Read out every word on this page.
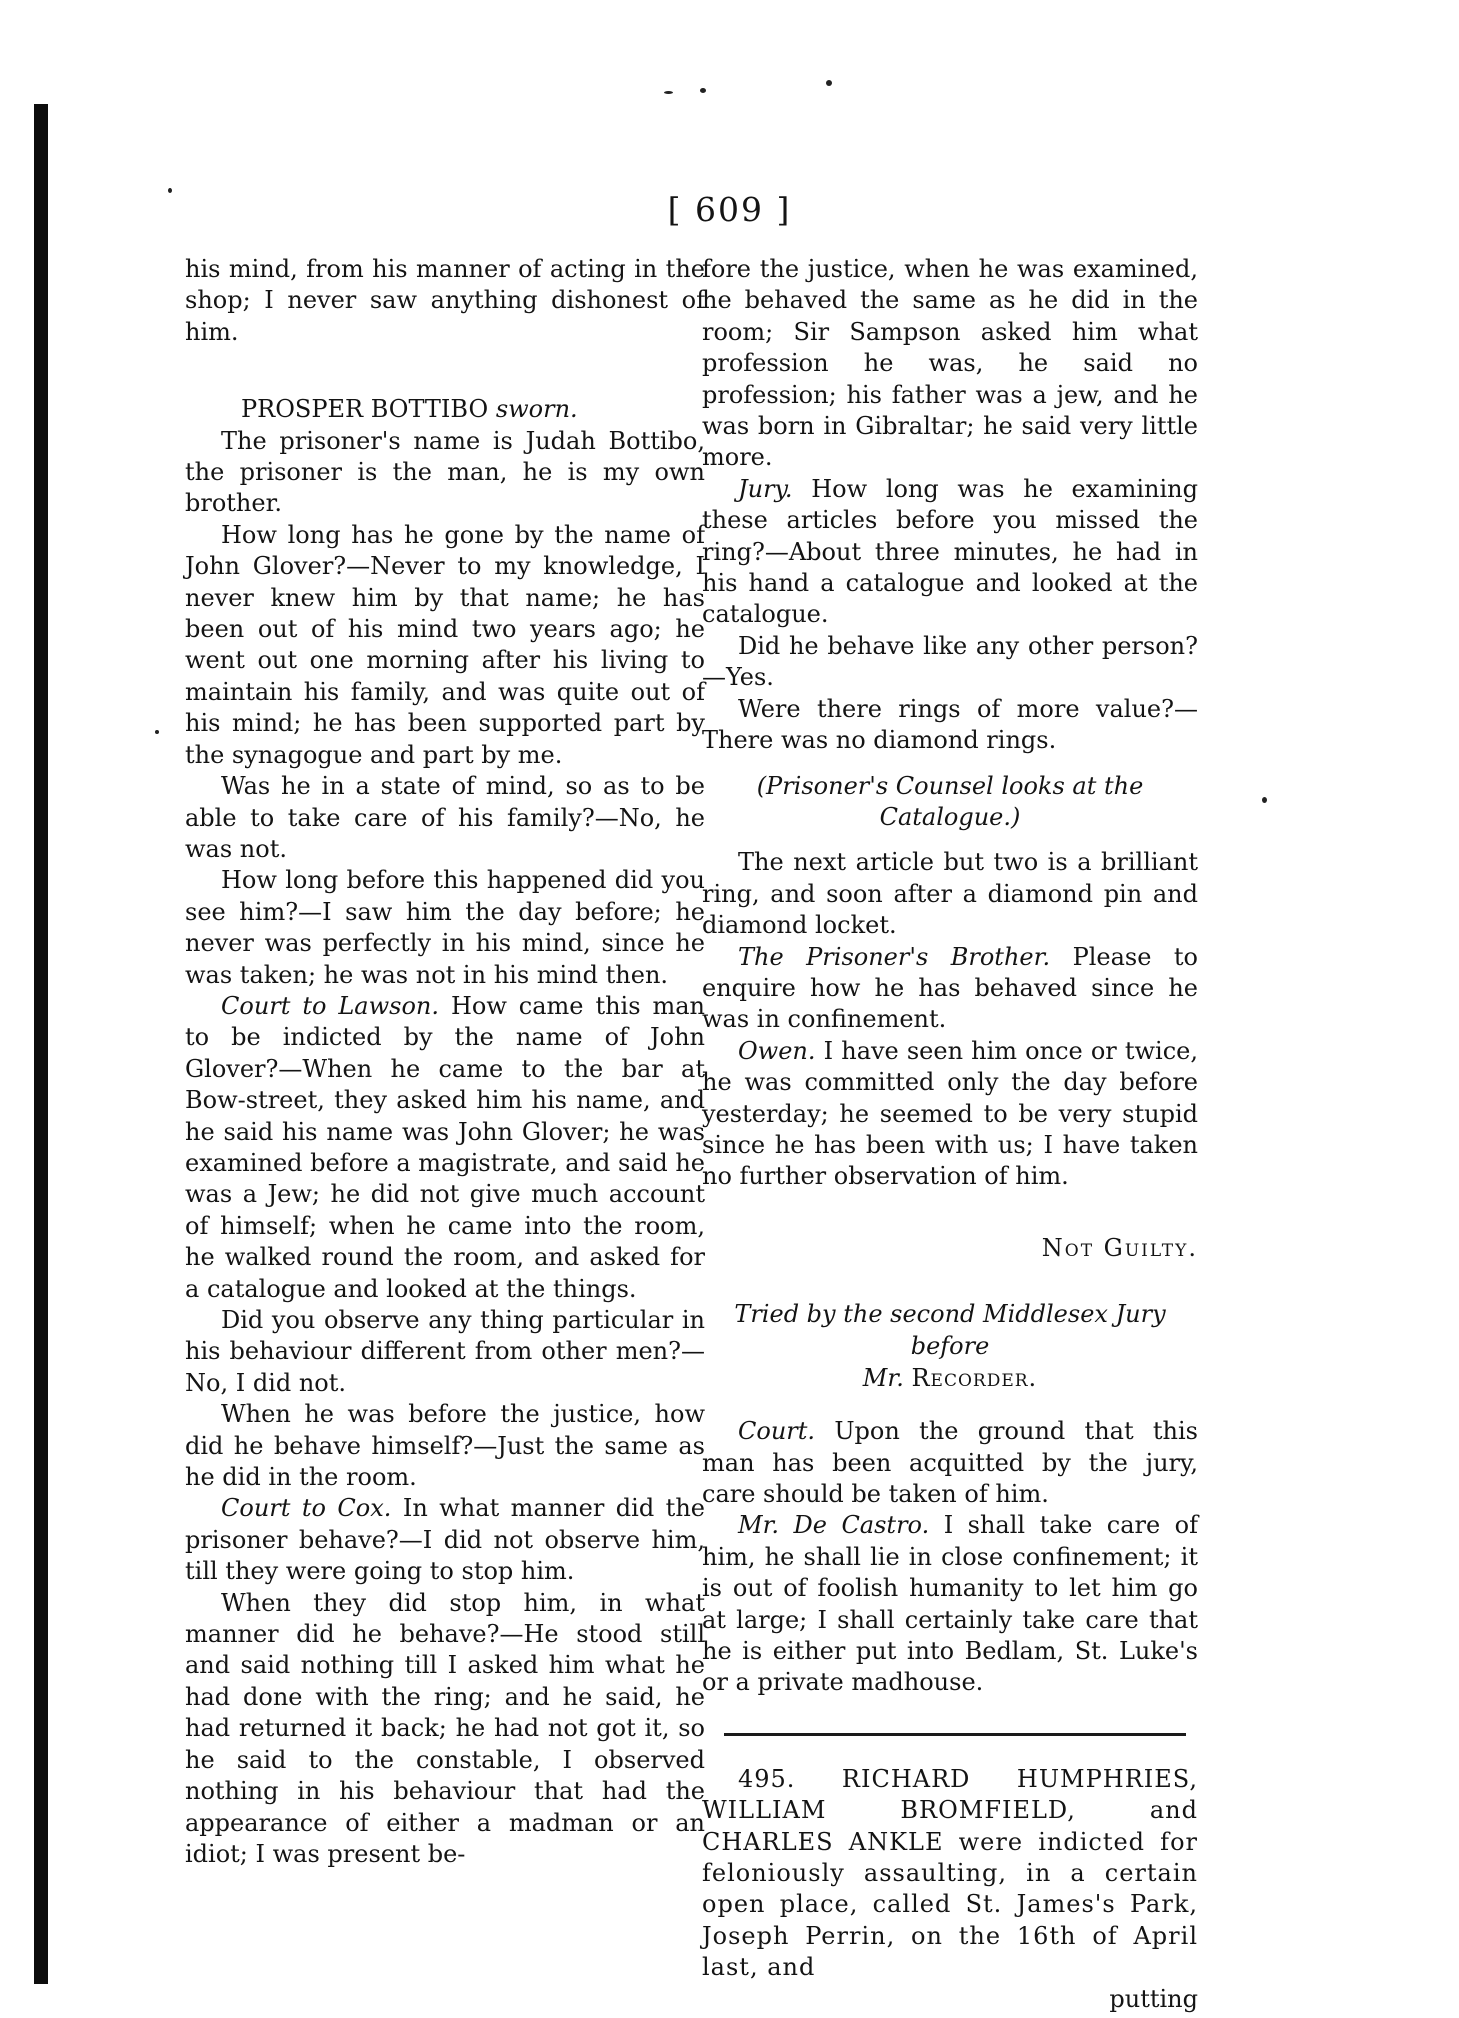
[ 609 ]

his mind, from his manner of acting in the shop; I never saw anything dishonest of him.

PROSPER BOTTIBO sworn.

The prisoner's name is Judah Bottibo, the prisoner is the man, he is my own brother.

How long has he gone by the name of John Glover?—Never to my knowledge, I never knew him by that name; he has been out of his mind two years ago; he went out one morning after his living to maintain his family, and was quite out of his mind; he has been supported part by the synagogue and part by me.

Was he in a state of mind, so as to be able to take care of his family?—No, he was not.

How long before this happened did you see him?—I saw him the day before; he never was perfectly in his mind, since he was taken; he was not in his mind then.

Court to Lawson. How came this man to be indicted by the name of John Glover?—When he came to the bar at Bow-street, they asked him his name, and he said his name was John Glover; he was examined before a magistrate, and said he was a Jew; he did not give much account of himself; when he came into the room, he walked round the room, and asked for a catalogue and looked at the things.

Did you observe any thing particular in his behaviour different from other men?—No, I did not.

When he was before the justice, how did he behave himself?—Just the same as he did in the room.

Court to Cox. In what manner did the prisoner behave?—I did not observe him, till they were going to stop him.

When they did stop him, in what manner did he behave?—He stood still and said nothing till I asked him what he had done with the ring; and he said, he had returned it back; he had not got it, so he said to the constable, I observed nothing in his behaviour that had the appearance of either a madman or an idiot; I was present be-

fore the justice, when he was examined, he behaved the same as he did in the room; Sir Sampson asked him what profession he was, he said no profession; his father was a jew, and he was born in Gibraltar; he said very little more.

Jury. How long was he examining these articles before you missed the ring?—About three minutes, he had in his hand a catalogue and looked at the catalogue.

Did he behave like any other person?—Yes.

Were there rings of more value?—There was no diamond rings.

(Prisoner's Counsel looks at the Catalogue.)

The next article but two is a brilliant ring, and soon after a diamond pin and diamond locket.

The Prisoner's Brother. Please to enquire how he has behaved since he was in confinement.

Owen. I have seen him once or twice, he was committed only the day before yesterday; he seemed to be very stupid since he has been with us; I have taken no further observation of him.

Not Guilty.

Tried by the second Middlesex Jury before
Mr. Recorder.

Court. Upon the ground that this man has been acquitted by the jury, care should be taken of him.

Mr. De Castro. I shall take care of him, he shall lie in close confinement; it is out of foolish humanity to let him go at large; I shall certainly take care that he is either put into Bedlam, St. Luke's or a private madhouse.

495. RICHARD HUMPHRIES, WILLIAM BROMFIELD, and CHARLES ANKLE were indicted for feloniously assaulting, in a certain open place, called St. James's Park, Joseph Perrin, on the 16th of April last, and

putting
